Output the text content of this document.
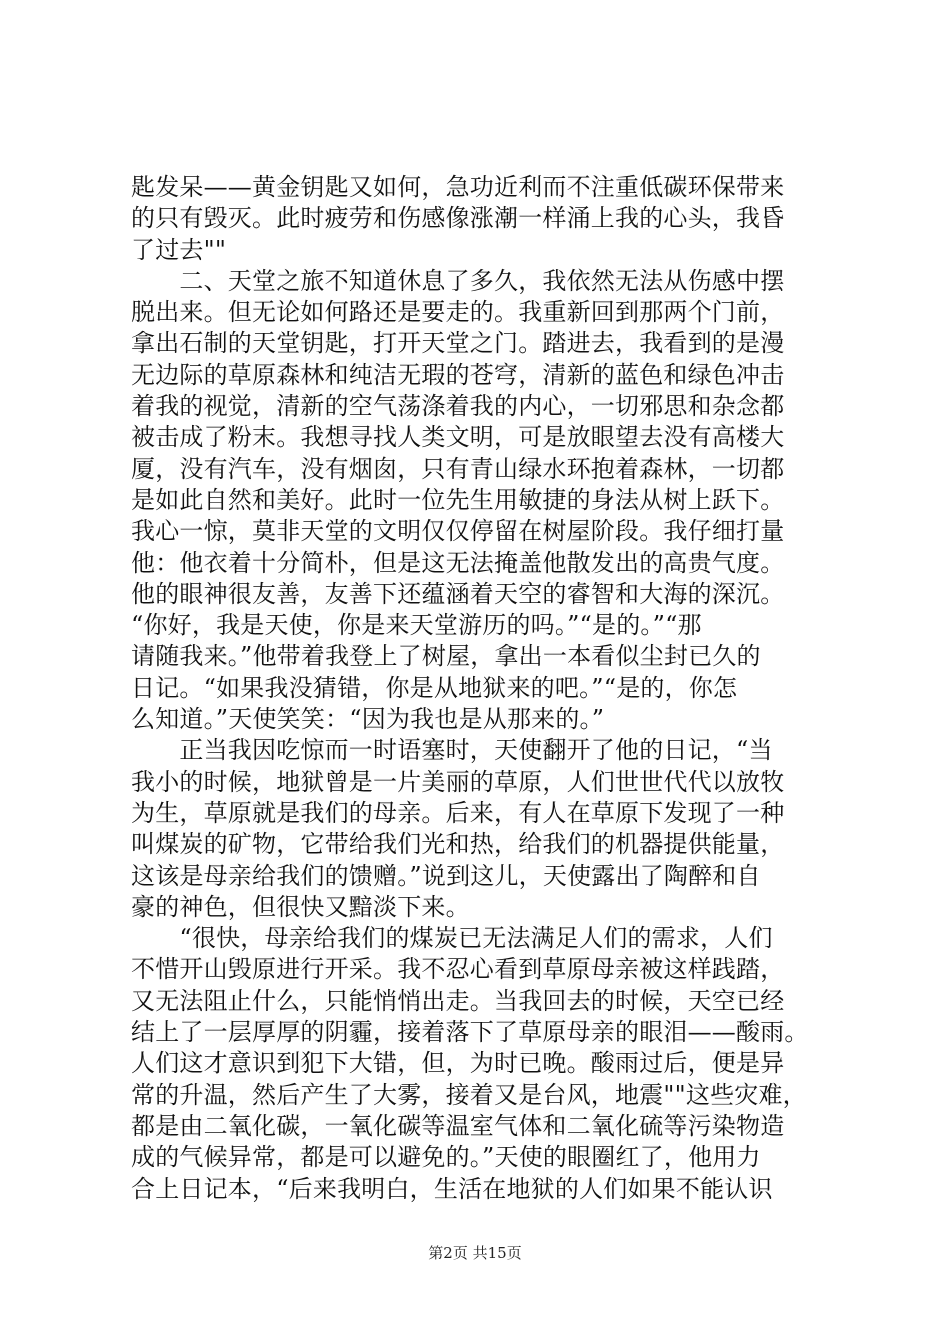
匙发呆——黄金钥匙又如何，急功近利而不注重低碳环保带来
的只有毁灭。此时疲劳和伤感像涨潮一样涌上我的心头，我昏
了过去""
　　二、天堂之旅不知道休息了多久，我依然无法从伤感中摆
脱出来。但无论如何路还是要走的。我重新回到那两个门前，
拿出石制的天堂钥匙，打开天堂之门。踏进去，我看到的是漫
无边际的草原森林和纯洁无瑕的苍穹，清新的蓝色和绿色冲击
着我的视觉，清新的空气荡涤着我的内心，一切邪思和杂念都
被击成了粉末。我想寻找人类文明，可是放眼望去没有高楼大
厦，没有汽车，没有烟囱，只有青山绿水环抱着森林，一切都
是如此自然和美好。此时一位先生用敏捷的身法从树上跃下。
我心一惊，莫非天堂的文明仅仅停留在树屋阶段。我仔细打量
他：他衣着十分简朴，但是这无法掩盖他散发出的高贵气度。
他的眼神很友善，友善下还蕴涵着天空的睿智和大海的深沉。
“你好，我是天使，你是来天堂游历的吗。”“是的。”“那
请随我来。”他带着我登上了树屋，拿出一本看似尘封已久的
日记。“如果我没猜错，你是从地狱来的吧。”“是的，你怎
么知道。”天使笑笑：“因为我也是从那来的。”
　　正当我因吃惊而一时语塞时，天使翻开了他的日记，“当
我小的时候，地狱曾是一片美丽的草原，人们世世代代以放牧
为生，草原就是我们的母亲。后来，有人在草原下发现了一种
叫煤炭的矿物，它带给我们光和热，给我们的机器提供能量，
这该是母亲给我们的馈赠。”说到这儿，天使露出了陶醉和自
豪的神色，但很快又黯淡下来。
　　“很快，母亲给我们的煤炭已无法满足人们的需求，人们
不惜开山毁原进行开采。我不忍心看到草原母亲被这样践踏，
又无法阻止什么，只能悄悄出走。当我回去的时候，天空已经
结上了一层厚厚的阴霾，接着落下了草原母亲的眼泪——酸雨。
人们这才意识到犯下大错，但，为时已晚。酸雨过后，便是异
常的升温，然后产生了大雾，接着又是台风，地震""这些灾难，
都是由二氧化碳，一氧化碳等温室气体和二氧化硫等污染物造
成的气候异常，都是可以避免的。”天使的眼圈红了，他用力
合上日记本，“后来我明白，生活在地狱的人们如果不能认识
第2页 共15页
